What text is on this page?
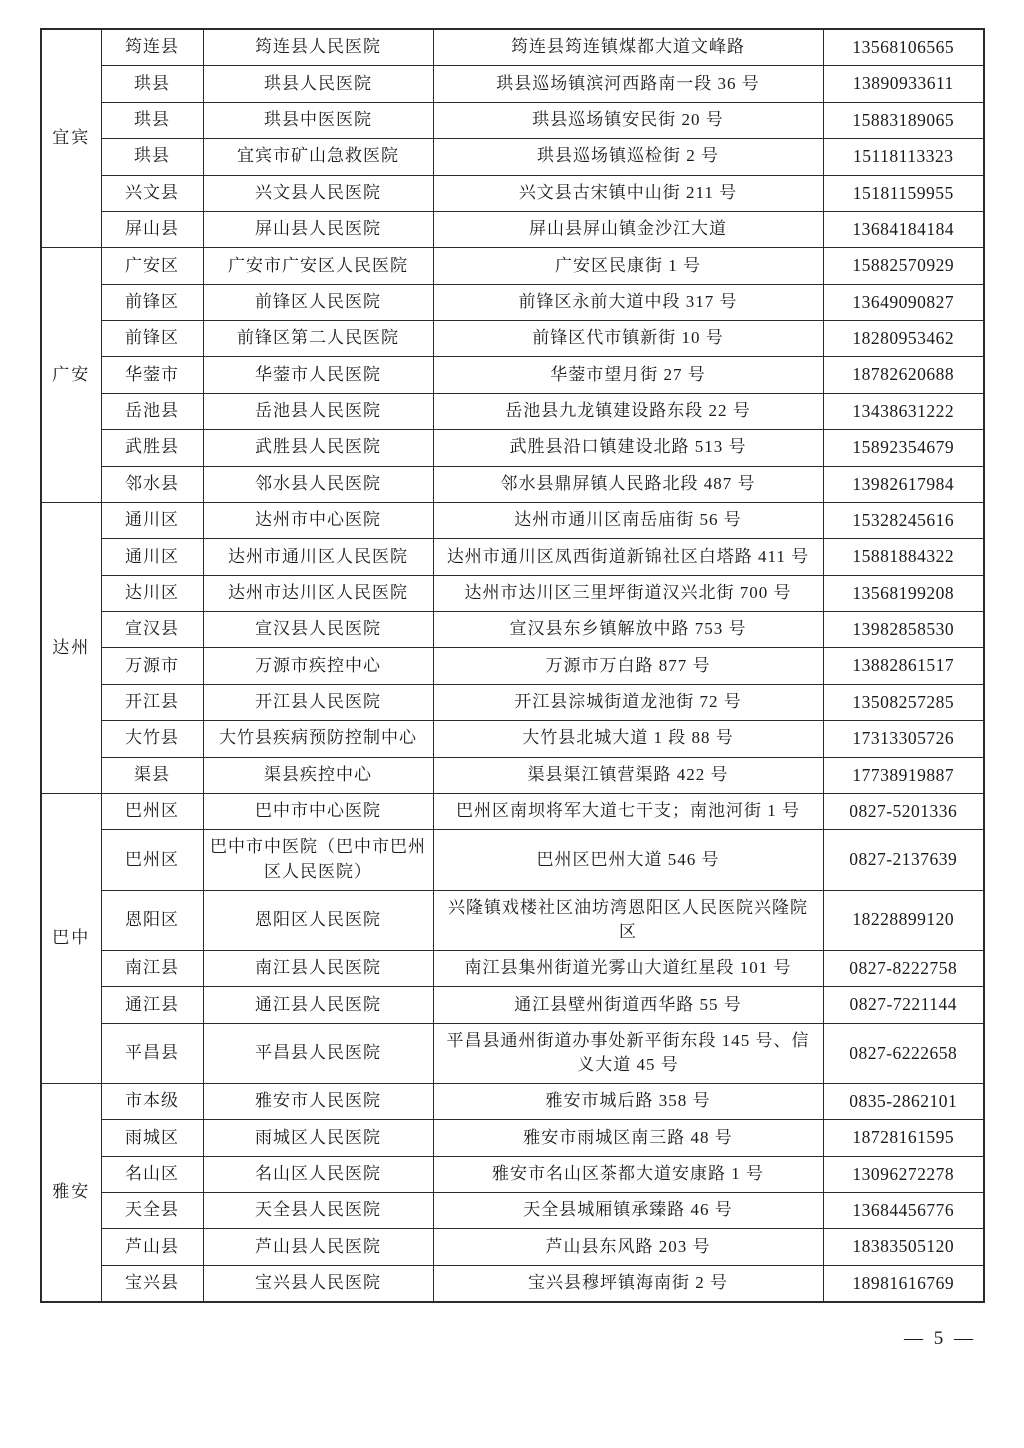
宜宾	筠连县	筠连县人民医院	筠连县筠连镇煤都大道文峰路	13568106565
	珙县	珙县人民医院	珙县巡场镇滨河西路南一段 36 号	13890933611
	珙县	珙县中医医院	珙县巡场镇安民街 20 号	15883189065
	珙县	宜宾市矿山急救医院	珙县巡场镇巡检街 2 号	15118113323
	兴文县	兴文县人民医院	兴文县古宋镇中山街 211 号	15181159955
	屏山县	屏山县人民医院	屏山县屏山镇金沙江大道	13684184184
广安	广安区	广安市广安区人民医院	广安区民康街 1 号	15882570929
	前锋区	前锋区人民医院	前锋区永前大道中段 317 号	13649090827
	前锋区	前锋区第二人民医院	前锋区代市镇新街 10 号	18280953462
	华蓥市	华蓥市人民医院	华蓥市望月街 27 号	18782620688
	岳池县	岳池县人民医院	岳池县九龙镇建设路东段 22 号	13438631222
	武胜县	武胜县人民医院	武胜县沿口镇建设北路 513 号	15892354679
	邻水县	邻水县人民医院	邻水县鼎屏镇人民路北段 487 号	13982617984
达州	通川区	达州市中心医院	达州市通川区南岳庙街 56 号	15328245616
	通川区	达州市通川区人民医院	达州市通川区凤西街道新锦社区白塔路 411 号	15881884322
	达川区	达州市达川区人民医院	达州市达川区三里坪街道汉兴北街 700 号	13568199208
	宣汉县	宣汉县人民医院	宣汉县东乡镇解放中路 753 号	13982858530
	万源市	万源市疾控中心	万源市万白路 877 号	13882861517
	开江县	开江县人民医院	开江县淙城街道龙池街 72 号	13508257285
	大竹县	大竹县疾病预防控制中心	大竹县北城大道 1 段 88 号	17313305726
	渠县	渠县疾控中心	渠县渠江镇营渠路 422 号	17738919887
巴中	巴州区	巴中市中心医院	巴州区南坝将军大道七干支；南池河街 1 号	0827-5201336
	巴州区	巴中市中医院（巴中市巴州区人民医院）	巴州区巴州大道 546 号	0827-2137639
	恩阳区	恩阳区人民医院	兴隆镇戏楼社区油坊湾恩阳区人民医院兴隆院区	18228899120
	南江县	南江县人民医院	南江县集州街道光雾山大道红星段 101 号	0827-8222758
	通江县	通江县人民医院	通江县壁州街道西华路 55 号	0827-7221144
	平昌县	平昌县人民医院	平昌县通州街道办事处新平街东段 145 号、信义大道 45 号	0827-6222658
雅安	市本级	雅安市人民医院	雅安市城后路 358 号	0835-2862101
	雨城区	雨城区人民医院	雅安市雨城区南三路 48 号	18728161595
	名山区	名山区人民医院	雅安市名山区茶都大道安康路 1 号	13096272278
	天全县	天全县人民医院	天全县城厢镇承臻路 46 号	13684456776
	芦山县	芦山县人民医院	芦山县东风路 203 号	18383505120
	宝兴县	宝兴县人民医院	宝兴县穆坪镇海南街 2 号	18981616769
— 5 —
